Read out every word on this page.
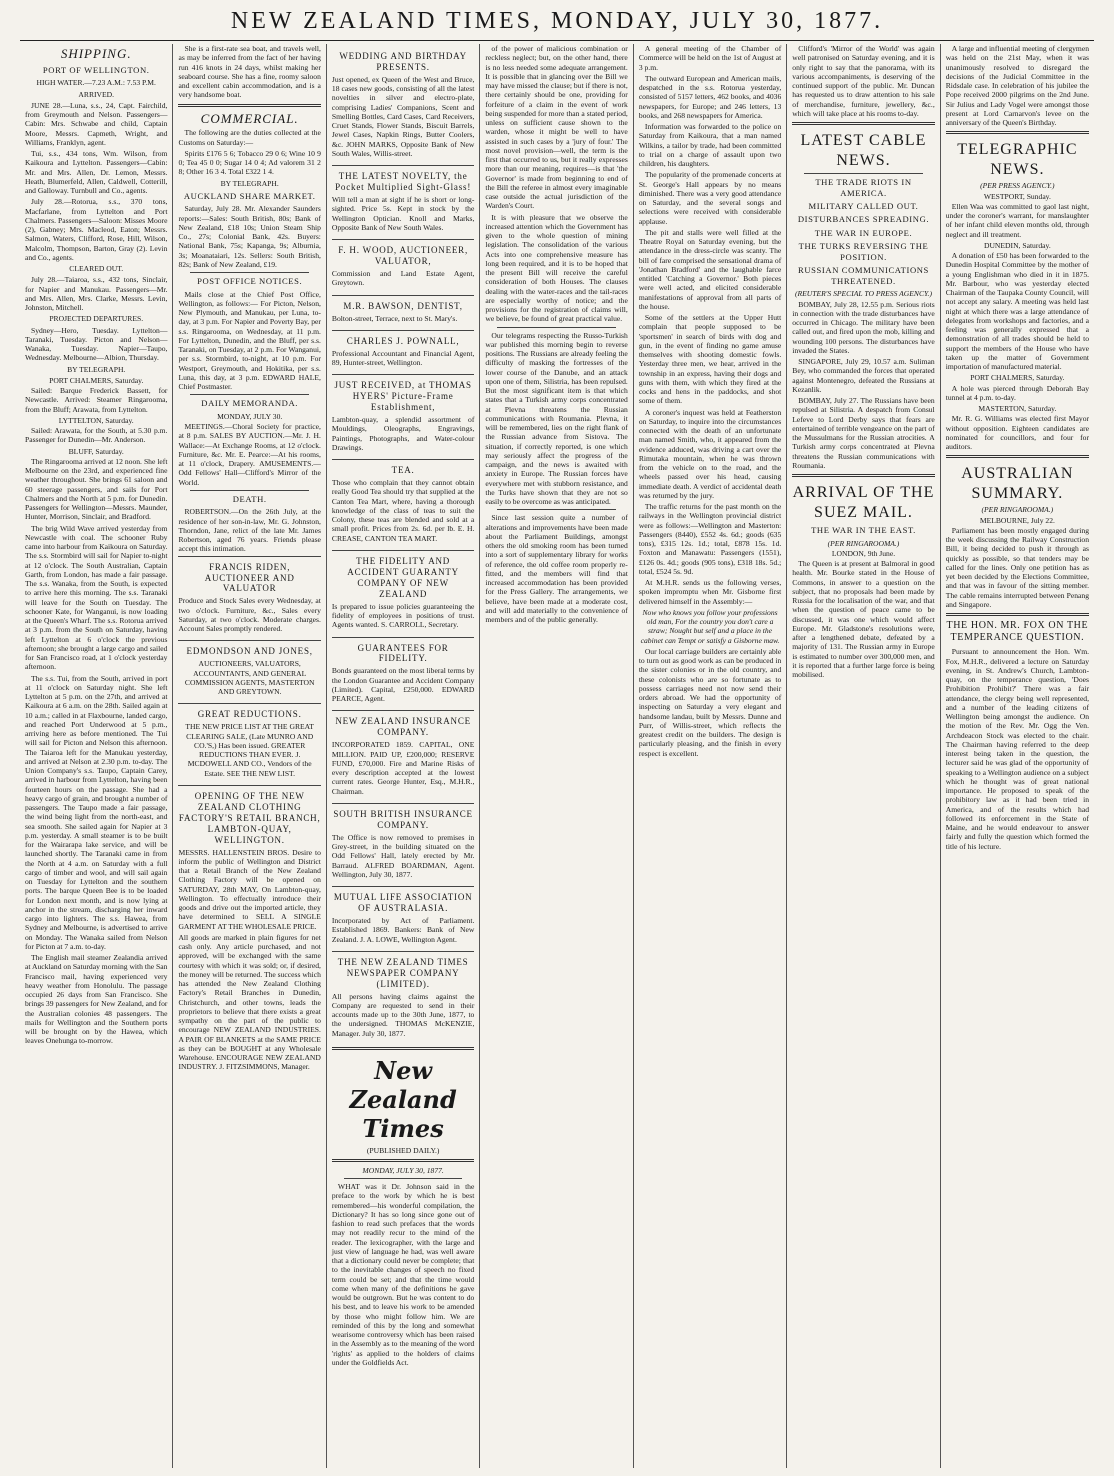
NEW ZEALAND TIMES, MONDAY, JULY 30, 1877.
SHIPPING.
PORT OF WELLINGTON.
HIGH WATER.—7.23 A.M.: 7.53 P.M.
ARRIVED.

JUNE 28.—Luna, s.s., 24, Capt. Fairchild, from Greymouth and Nelson. Passengers—Cabin: Mrs. Schwabe and child, Captain Moore, Messrs. Capmeth, Wright, and Williams, Franklyn, agent.

Tui, s.s., 434 tons, Wm. Wilson, from Kaikoura and Lyttelton. Passengers—Cabin: Mr. and Mrs. Allen, Dr. Lemon, Messrs. Heath, Blumerfeld, Allen, Caldwell, Cotterill, and Galloway. Turnbull and Co., agents.

July 28.—Rotorua, s.s., 370 tons, Macfarlane, from Lyttelton and Port Chalmers. Passengers—Saloon: Misses Moore (2), Gabney; Mrs. Macleod, Eaton; Messrs. Salmon, Waters, Clifford, Rose, Hill, Wilson, Malcolm, Thompson, Barton, Gray (2). Levin and Co., agents.

CLEARED OUT.

July 28.—Taiaroa, s.s., 432 tons, Sinclair, for Napier and Manukau. Passengers—Mr. and Mrs. Allen, Mrs. Clarke, Messrs. Levin, Johnston, Mitchell.

PROJECTED DEPARTURES.

Sydney—Hero, Tuesday. Lyttelton—Taranaki, Tuesday. Picton and Nelson—Wanaka, Tuesday. Napier—Taupo, Wednesday. Melbourne—Albion, Thursday.

BY TELEGRAPH.
PORT CHALMERS, Saturday.

Sailed: Barque Frederick Bassett, for Newcastle. Arrived: Steamer Ringarooma, from the Bluff; Arawata, from Lyttelton.

LYTTELTON, Saturday.

Sailed: Arawata, for the South, at 5.30 p.m. Passenger for Dunedin—Mr. Anderson.

BLUFF, Saturday.

The Ringarooma arrived at 12 noon. She left Melbourne on the 23rd, and experienced fine weather throughout. She brings 61 saloon and 60 steerage passengers, and sails for Port Chalmers and the North at 5 p.m. for Dunedin. Passengers for Wellington—Messrs. Maunder, Hunter, Morrison, Sinclair, and Bradford.

The brig Wild Wave arrived yesterday from Newcastle with coal. The schooner Ruby came into harbour from Kaikoura on Saturday. The s.s. Stormbird will sail for Napier to-night at 12 o'clock. The South Australian, Captain Garth, from London, has made a fair passage. The s.s. Wanaka, from the South, is expected to arrive here this morning. The s.s. Taranaki will leave for the South on Tuesday. The schooner Kate, for Wanganui, is now loading at the Queen's Wharf. The s.s. Rotorua arrived at 3 p.m. from the South on Saturday, having left Lyttelton at 6 o'clock the previous afternoon; she brought a large cargo and sailed for San Francisco road, at 1 o'clock yesterday afternoon.

The s.s. Tui, from the South, arrived in port at 11 o'clock on Saturday night. She left Lyttelton at 5 p.m. on the 27th, and arrived at Kaikoura at 6 a.m. on the 28th. Sailed again at 10 a.m.; called in at Flaxbourne, landed cargo, and reached Port Underwood at 5 p.m., arriving here as before mentioned. The Tui will sail for Picton and Nelson this afternoon. The Taiaroa left for the Manukau yesterday, and arrived at Nelson at 2.30 p.m. to-day. The Union Company's s.s. Taupo, Captain Carey, arrived in harbour from Lyttelton, having been fourteen hours on the passage. She had a heavy cargo of grain, and brought a number of passengers. The Taupo made a fair passage, the wind being light from the north-east, and sea smooth. She sailed again for Napier at 3 p.m. yesterday. A small steamer is to be built for the Wairarapa lake service, and will be launched shortly. The Taranaki came in from the North at 4 a.m. on Saturday with a full cargo of timber and wool, and will sail again on Tuesday for Lyttelton and the southern ports. The barque Queen Bee is to be loaded for London next month, and is now lying at anchor in the stream, discharging her inward cargo into lighters. The s.s. Hawea, from Sydney and Melbourne, is advertised to arrive on Monday. The Wanaka sailed from Nelson for Picton at 7 a.m. to-day.

The English mail steamer Zealandia arrived at Auckland on Saturday morning with the San Francisco mail, having experienced very heavy weather from Honolulu. The passage occupied 26 days from San Francisco. She brings 39 passengers for New Zealand, and for the Australian colonies 48 passengers. The mails for Wellington and the Southern ports will be brought on by the Hawea, which leaves Onehunga to-morrow.

She is a first-rate sea boat, and travels well, as may be inferred from the fact of her having run 416 knots in 24 days, whilst making her seaboard course. She has a fine, roomy saloon and excellent cabin accommodation, and is a very handsome boat.

COMMERCIAL.

The following are the duties collected at the Customs on Saturday:—

Spirits £176 5 6; Tobacco 29 0 6; Wine 10 9 0; Tea 45 0 0; Sugar 14 0 4; Ad valorem 31 2 8; Other 16 3 4. Total £322 1 4.

BY TELEGRAPH.
AUCKLAND SHARE MARKET.

Saturday, July 28. Mr. Alexander Saunders reports:—Sales: South British, 80s; Bank of New Zealand, £18 10s; Union Steam Ship Co., 27s; Colonial Bank, 42s. Buyers: National Bank, 75s; Kapanga, 9s; Alburnia, 3s; Moanataiari, 12s. Sellers: South British, 82s; Bank of New Zealand, £19.

POST OFFICE NOTICES.

Mails close at the Chief Post Office, Wellington, as follows:— For Picton, Nelson, New Plymouth, and Manukau, per Luna, to-day, at 3 p.m. For Napier and Poverty Bay, per s.s. Ringarooma, on Wednesday, at 11 p.m. For Lyttelton, Dunedin, and the Bluff, per s.s. Taranaki, on Tuesday, at 2 p.m. For Wanganui, per s.s. Stormbird, to-night, at 10 p.m. For Westport, Greymouth, and Hokitika, per s.s. Luna, this day, at 3 p.m. EDWARD HALE, Chief Postmaster.

DAILY MEMORANDA.
MONDAY, JULY 30.

MEETINGS.—Choral Society for practice, at 8 p.m. SALES BY AUCTION.—Mr. J. H. Wallace:—At Exchange Rooms, at 12 o'clock. Furniture, &c. Mr. E. Pearce:—At his rooms, at 11 o'clock, Drapery. AMUSEMENTS.—Odd Fellows' Hall—Clifford's Mirror of the World.

DEATH.

ROBERTSON.—On the 26th July, at the residence of her son-in-law, Mr. G. Johnston, Thorndon, Jane, relict of the late Mr. James Robertson, aged 76 years. Friends please accept this intimation.

FRANCIS RIDEN, AUCTIONEER AND VALUATOR

Produce and Stock Sales every Wednesday, at two o'clock. Furniture, &c., Sales every Saturday, at two o'clock. Moderate charges. Account Sales promptly rendered.

EDMONDSON AND JONES,

AUCTIONEERS, VALUATORS, ACCOUNTANTS, AND GENERAL COMMISSION AGENTS, MASTERTON AND GREYTOWN.

GREAT REDUCTIONS.

THE NEW PRICE LIST AT THE GREAT CLEARING SALE, (Late MUNRO AND CO.'S,) Has been issued. GREATER REDUCTIONS THAN EVER. J. MCDOWELL AND CO., Vendors of the Estate. SEE THE NEW LIST.

OPENING OF THE NEW ZEALAND CLOTHING FACTORY'S RETAIL BRANCH, LAMBTON-QUAY, WELLINGTON.

MESSRS. HALLENSTEIN BROS. Desire to inform the public of Wellington and District that a Retail Branch of the New Zealand Clothing Factory will be opened on SATURDAY, 28th MAY, On Lambton-quay, Wellington. To effectually introduce their goods and drive out the imported article, they have determined to SELL A SINGLE GARMENT AT THE WHOLESALE PRICE.

All goods are marked in plain figures for net cash only. Any article purchased, and not approved, will be exchanged with the same courtesy with which it was sold; or, if desired, the money will be returned. The success which has attended the New Zealand Clothing Factory's Retail Branches in Dunedin, Christchurch, and other towns, leads the proprietors to believe that there exists a great sympathy on the part of the public to encourage NEW ZEALAND INDUSTRIES. A PAIR OF BLANKETS at the SAME PRICE as they can be BOUGHT at any Wholesale Warehouse. ENCOURAGE NEW ZEALAND INDUSTRY. J. FITZSIMMONS, Manager.

WEDDING AND BIRTHDAY PRESENTS.

Just opened, ex Queen of the West and Bruce, 18 cases new goods, consisting of all the latest novelties in silver and electro-plate, comprising Ladies' Companions, Scent and Smelling Bottles, Card Cases, Card Receivers, Cruet Stands, Flower Stands, Biscuit Barrels, Jewel Cases, Napkin Rings, Butter Coolers, &c. JOHN MARKS, Opposite Bank of New South Wales, Willis-street.

THE LATEST NOVELTY, the Pocket Multiplied Sight-Glass!

Will tell a man at sight if he is short or long-sighted. Price 5s. Kept in stock by the Wellington Optician. Knoll and Marks, Opposite Bank of New South Wales.

F. H. WOOD, AUCTIONEER, VALUATOR,

Commission and Land Estate Agent, Greytown.

M.R. BAWSON, DENTIST,

Bolton-street, Terrace, next to St. Mary's.

CHARLES J. POWNALL,

Professional Accountant and Financial Agent, 89, Hunter-street, Wellington.

JUST RECEIVED, at THOMAS HYERS' Picture-Frame Establishment,

Lambton-quay, a splendid assortment of Mouldings, Oleographs, Engravings, Paintings, Photographs, and Water-colour Drawings.

TEA.

Those who complain that they cannot obtain really Good Tea should try that supplied at the Canton Tea Mart, where, having a thorough knowledge of the class of teas to suit the Colony, these teas are blended and sold at a small profit. Prices from 2s. 6d. per lb. E. H. CREASE, CANTON TEA MART.

THE FIDELITY AND ACCIDENT GUARANTY COMPANY OF NEW ZEALAND

Is prepared to issue policies guaranteeing the fidelity of employees in positions of trust. Agents wanted. S. CARROLL, Secretary.

GUARANTEES FOR FIDELITY.

Bonds guaranteed on the most liberal terms by the London Guarantee and Accident Company (Limited). Capital, £250,000. EDWARD PEARCE, Agent.

NEW ZEALAND INSURANCE COMPANY.

INCORPORATED 1859. CAPITAL, ONE MILLION. PAID UP, £200,000; RESERVE FUND, £70,000. Fire and Marine Risks of every description accepted at the lowest current rates. George Hunter, Esq., M.H.R., Chairman.

SOUTH BRITISH INSURANCE COMPANY.

The Office is now removed to premises in Grey-street, in the building situated on the Odd Fellows' Hall, lately erected by Mr. Barraud. ALFRED BOARDMAN, Agent. Wellington, July 30, 1877.

MUTUAL LIFE ASSOCIATION OF AUSTRALASIA.

Incorporated by Act of Parliament. Established 1869. Bankers: Bank of New Zealand. J. A. LOWE, Wellington Agent.

THE NEW ZEALAND TIMES NEWSPAPER COMPANY (LIMITED).

All persons having claims against the Company are requested to send in their accounts made up to the 30th June, 1877, to the undersigned. THOMAS McKENZIE, Manager. July 30, 1877.

New Zealand Times
(PUBLISHED DAILY.)
MONDAY, JULY 30, 1877.

WHAT was it Dr. Johnson said in the preface to the work by which he is best remembered—his wonderful compilation, the Dictionary? It has so long since gone out of fashion to read such prefaces that the words may not readily recur to the mind of the reader. The lexicographer, with the large and just view of language he had, was well aware that a dictionary could never be complete; that to the inevitable changes of speech no fixed term could be set; and that the time would come when many of the definitions he gave would be outgrown. But he was content to do his best, and to leave his work to be amended by those who might follow him. We are reminded of this by the long and somewhat wearisome controversy which has been raised in the Assembly as to the meaning of the word 'rights' as applied to the holders of claims under the Goldfields Act.

of the power of malicious combination or reckless neglect; but, on the other hand, there is no less needed some adequate arrangement. It is possible that in glancing over the Bill we may have missed the clause; but if there is not, there certainly should be one, providing for forfeiture of a claim in the event of work being suspended for more than a stated period, unless on sufficient cause shown to the warden, whose it might be well to have assisted in such cases by a 'jury of four.' The most novel provision—well, the term is the first that occurred to us, but it really expresses more than our meaning, requires—is that 'the Governor' is made from beginning to end of the Bill the referee in almost every imaginable case outside the actual jurisdiction of the Warden's Court.

It is with pleasure that we observe the increased attention which the Government has given to the whole question of mining legislation. The consolidation of the various Acts into one comprehensive measure has long been required, and it is to be hoped that the present Bill will receive the careful consideration of both Houses. The clauses dealing with the water-races and the tail-races are especially worthy of notice; and the provisions for the registration of claims will, we believe, be found of great practical value.

Our telegrams respecting the Russo-Turkish war published this morning begin to reverse positions. The Russians are already feeling the difficulty of masking the fortresses of the lower course of the Danube, and an attack upon one of them, Silistria, has been repulsed. But the most significant item is that which states that a Turkish army corps concentrated at Plevna threatens the Russian communications with Roumania. Plevna, it will be remembered, lies on the right flank of the Russian advance from Sistova. The situation, if correctly reported, is one which may seriously affect the progress of the campaign, and the news is awaited with anxiety in Europe. The Russian forces have everywhere met with stubborn resistance, and the Turks have shown that they are not so easily to be overcome as was anticipated.

Since last session quite a number of alterations and improvements have been made about the Parliament Buildings, amongst others the old smoking room has been turned into a sort of supplementary library for works of reference, the old coffee room properly re-fitted, and the members will find that increased accommodation has been provided for the Press Gallery. The arrangements, we believe, have been made at a moderate cost, and will add materially to the convenience of members and of the public generally.

A general meeting of the Chamber of Commerce will be held on the 1st of August at 3 p.m.

The outward European and American mails, despatched in the s.s. Rotorua yesterday, consisted of 5157 letters, 462 books, and 4036 newspapers, for Europe; and 246 letters, 13 books, and 268 newspapers for America.

Information was forwarded to the police on Saturday from Kaikoura, that a man named Wilkins, a tailor by trade, had been committed to trial on a charge of assault upon two children, his daughters.

The popularity of the promenade concerts at St. George's Hall appears by no means diminished. There was a very good attendance on Saturday, and the several songs and selections were received with considerable applause.

The pit and stalls were well filled at the Theatre Royal on Saturday evening, but the attendance in the dress-circle was scanty. The bill of fare comprised the sensational drama of 'Jonathan Bradford' and the laughable farce entitled 'Catching a Governor.' Both pieces were well acted, and elicited considerable manifestations of approval from all parts of the house.

Some of the settlers at the Upper Hutt complain that people supposed to be 'sportsmen' in search of birds with dog and gun, in the event of finding no game amuse themselves with shooting domestic fowls. Yesterday three men, we hear, arrived in the township in an express, having their dogs and guns with them, with which they fired at the cocks and hens in the paddocks, and shot some of them.

A coroner's inquest was held at Featherston on Saturday, to inquire into the circumstances connected with the death of an unfortunate man named Smith, who, it appeared from the evidence adduced, was driving a cart over the Rimutaka mountain, when he was thrown from the vehicle on to the road, and the wheels passed over his head, causing immediate death. A verdict of accidental death was returned by the jury.

The traffic returns for the past month on the railways in the Wellington provincial district were as follows:—Wellington and Masterton: Passengers (8440), £552 4s. 6d.; goods (635 tons), £315 12s. 1d.; total, £878 15s. 1d. Foxton and Manawatu: Passengers (1551), £126 0s. 4d.; goods (905 tons), £318 18s. 5d.; total, £524 5s. 9d.

At M.H.R. sends us the following verses, spoken impromptu when Mr. Gisborne first delivered himself in the Assembly:—

Now who knows you follow your professions old man, For the country you don't care a straw; Nought but self and a place in the cabinet can Tempt or satisfy a Gisborne maw.

Our local carriage builders are certainly able to turn out as good work as can be produced in the sister colonies or in the old country, and these colonists who are so fortunate as to possess carriages need not now send their orders abroad. We had the opportunity of inspecting on Saturday a very elegant and handsome landau, built by Messrs. Dunne and Purr, of Willis-street, which reflects the greatest credit on the builders. The design is particularly pleasing, and the finish in every respect is excellent.

Clifford's 'Mirror of the World' was again well patronised on Saturday evening, and it is only right to say that the panorama, with its various accompaniments, is deserving of the continued support of the public. Mr. Duncan has requested us to draw attention to his sale of merchandise, furniture, jewellery, &c., which will take place at his rooms to-day.

LATEST CABLE NEWS.
THE TRADE RIOTS IN AMERICA.
MILITARY CALLED OUT.
DISTURBANCES SPREADING.
THE WAR IN EUROPE.
THE TURKS REVERSING THE POSITION.
RUSSIAN COMMUNICATIONS THREATENED.
(REUTER'S SPECIAL TO PRESS AGENCY.)

BOMBAY, July 28, 12.55 p.m. Serious riots in connection with the trade disturbances have occurred in Chicago. The military have been called out, and fired upon the mob, killing and wounding 100 persons. The disturbances have invaded the States.

SINGAPORE, July 29, 10.57 a.m. Suliman Bey, who commanded the forces that operated against Montenegro, defeated the Russians at Kezanlik.

BOMBAY, July 27. The Russians have been repulsed at Silistria. A despatch from Consul Lefeve to Lord Derby says that fears are entertained of terrible vengeance on the part of the Mussulmans for the Russian atrocities. A Turkish army corps concentrated at Plevna threatens the Russian communications with Roumania.

ARRIVAL OF THE SUEZ MAIL.
THE WAR IN THE EAST.
(PER RINGAROOMA.)
LONDON, 9th June.

The Queen is at present at Balmoral in good health. Mr. Bourke stated in the House of Commons, in answer to a question on the subject, that no proposals had been made by Russia for the localisation of the war, and that when the question of peace came to be discussed, it was one which would affect Europe. Mr. Gladstone's resolutions were, after a lengthened debate, defeated by a majority of 131. The Russian army in Europe is estimated to number over 300,000 men, and it is reported that a further large force is being mobilised.

A large and influential meeting of clergymen was held on the 21st May, when it was unanimously resolved to disregard the decisions of the Judicial Committee in the Ridsdale case. In celebration of his jubilee the Pope received 2000 pilgrims on the 2nd June. Sir Julius and Lady Vogel were amongst those present at Lord Carnarvon's levee on the anniversary of the Queen's Birthday.

TELEGRAPHIC NEWS.
(PER PRESS AGENCY.)
WESTPORT, Sunday.

Ellen Waa was committed to gaol last night, under the coroner's warrant, for manslaughter of her infant child eleven months old, through neglect and ill treatment.

DUNEDIN, Saturday.

A donation of £50 has been forwarded to the Dunedin Hospital Committee by the mother of a young Englishman who died in it in 1875. Mr. Barbour, who was yesterday elected Chairman of the Taupaka County Council, will not accept any salary. A meeting was held last night at which there was a large attendance of delegates from workshops and factories, and a feeling was generally expressed that a demonstration of all trades should be held to support the members of the House who have taken up the matter of Government importation of manufactured material.

PORT CHALMERS, Saturday.

A hole was pierced through Deborah Bay tunnel at 4 p.m. to-day.

MASTERTON, Saturday.

Mr. R. G. Williams was elected first Mayor without opposition. Eighteen candidates are nominated for councillors, and four for auditors.

AUSTRALIAN SUMMARY.
(PER RINGAROOMA.)
MELBOURNE, July 22.

Parliament has been mostly engaged during the week discussing the Railway Construction Bill, it being decided to push it through as quickly as possible, so that tenders may be called for the lines. Only one petition has as yet been decided by the Elections Committee, and that was in favour of the sitting member. The cable remains interrupted between Penang and Singapore.

THE HON. MR. FOX ON THE TEMPERANCE QUESTION.

Pursuant to announcement the Hon. Wm. Fox, M.H.R., delivered a lecture on Saturday evening, in St. Andrew's Church, Lambton-quay, on the temperance question, 'Does Prohibition Prohibit?' There was a fair attendance, the clergy being well represented, and a number of the leading citizens of Wellington being amongst the audience. On the motion of the Rev. Mr. Ogg the Ven. Archdeacon Stock was elected to the chair. The Chairman having referred to the deep interest being taken in the question, the lecturer said he was glad of the opportunity of speaking to a Wellington audience on a subject which he thought was of great national importance. He proposed to speak of the prohibitory law as it had been tried in America, and of the results which had followed its enforcement in the State of Maine, and he would endeavour to answer fairly and fully the question which formed the title of his lecture.
